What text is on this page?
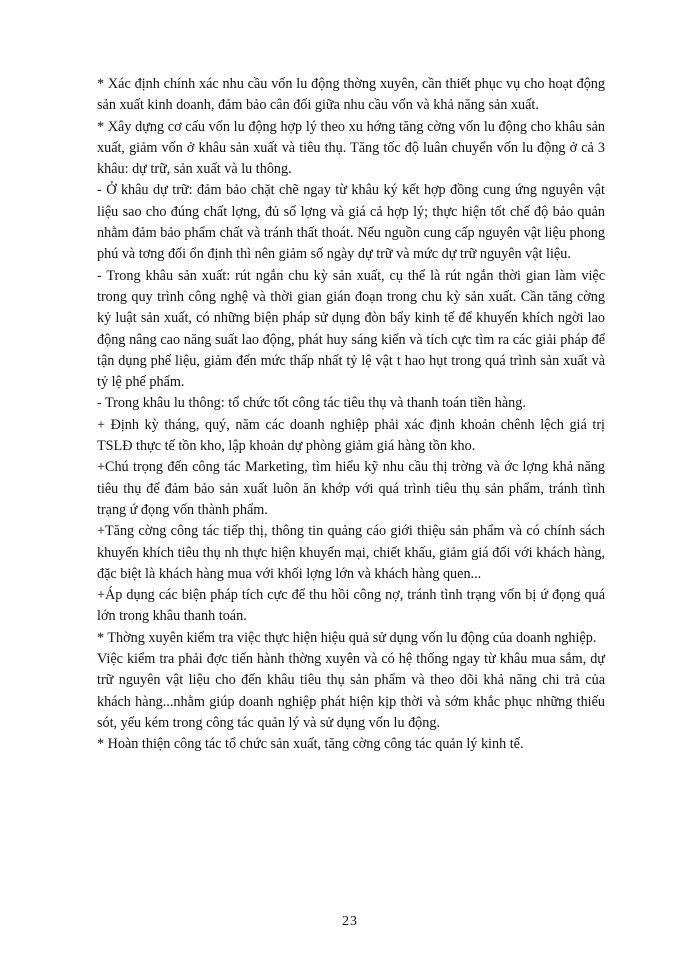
* Xác định chính xác nhu cầu vốn lu động thờng xuyên, cần thiết phục vụ cho hoạt động sản xuất kinh doanh, đảm bảo cân đối giữa nhu cầu vốn và khả năng sản xuất.

* Xây dựng cơ cấu vốn lu động hợp lý theo xu hớng tăng cờng vốn lu động cho khâu sản xuất, giảm vốn ở khâu sản xuất và tiêu thụ. Tăng tốc độ luân chuyển vốn lu động ở cả 3 khâu: dự trữ, sản xuất và lu thông.

- Ở khâu dự trữ: đảm bảo chặt chẽ ngay từ khâu ký kết hợp đồng cung ứng nguyên vật liệu sao cho đúng chất lợng, đủ số lợng và giá cả hợp lý; thực hiện tốt chế độ bảo quản nhằm đảm bảo phẩm chất và tránh thất thoát. Nếu nguồn cung cấp nguyên vật liệu phong phú và tơng đối ổn định thì nên giảm số ngày dự trữ và mức dự trữ nguyên vật liệu.

- Trong khâu sản xuất: rút ngắn chu kỳ sản xuất, cụ thể là rút ngắn thời gian làm việc trong quy trình công nghệ và thời gian gián đoạn trong chu kỳ sản xuất. Cần tăng cờng kỷ luật sản xuất, có những biện pháp sử dụng đòn bẩy kinh tế để khuyến khích ngời lao động nâng cao năng suất lao động, phát huy sáng kiến và tích cực tìm ra các giải pháp để tận dụng phế liệu, giảm đến mức thấp nhất tỷ lệ vật t hao hụt trong quá trình sản xuất và tỷ lệ phế phẩm.

- Trong khâu lu thông: tổ chức tốt công tác tiêu thụ và thanh toán tiền hàng.

+ Định kỳ tháng, quý, năm các doanh nghiệp phải xác định khoản chênh lệch giá trị TSLĐ thực tế tồn kho, lập khoản dự phòng giảm giá hàng tồn kho.

+Chú trọng đến công tác Marketing, tìm hiểu kỹ nhu cầu thị trờng và ớc lợng khả năng tiêu thụ để đảm bảo sản xuất luôn ăn khớp với quá trình tiêu thụ sản phẩm, tránh tình trạng ứ đọng vốn thành phẩm.

+Tăng cờng công tác tiếp thị, thông tin quảng cáo giới thiệu sản phẩm và có chính sách khuyến khích tiêu thụ nh thực hiện khuyến mại, chiết khấu, giảm giá đối với khách hàng, đặc biệt là khách hàng mua với khối lợng lớn và khách hàng quen...

+Áp dụng các biện pháp tích cực để thu hồi công nợ, tránh tình trạng vốn bị ứ đọng quá lớn trong khâu thanh toán.

* Thờng xuyên kiểm tra việc thực hiện hiệu quả sử dụng vốn lu động của doanh nghiệp.

Việc kiểm tra phải đợc tiến hành thờng xuyên và có hệ thống ngay từ khâu mua sắm, dự trữ nguyên vật liệu cho đến khâu tiêu thụ sản phẩm và theo dõi khả năng chi trả của khách hàng...nhằm giúp doanh nghiệp phát hiện kịp thời và sớm khắc phục những thiếu sót, yếu kém trong công tác quản lý và sử dụng vốn lu động.

* Hoàn thiện công tác tổ chức sản xuất, tăng cờng công tác quản lý kinh tế.

23
